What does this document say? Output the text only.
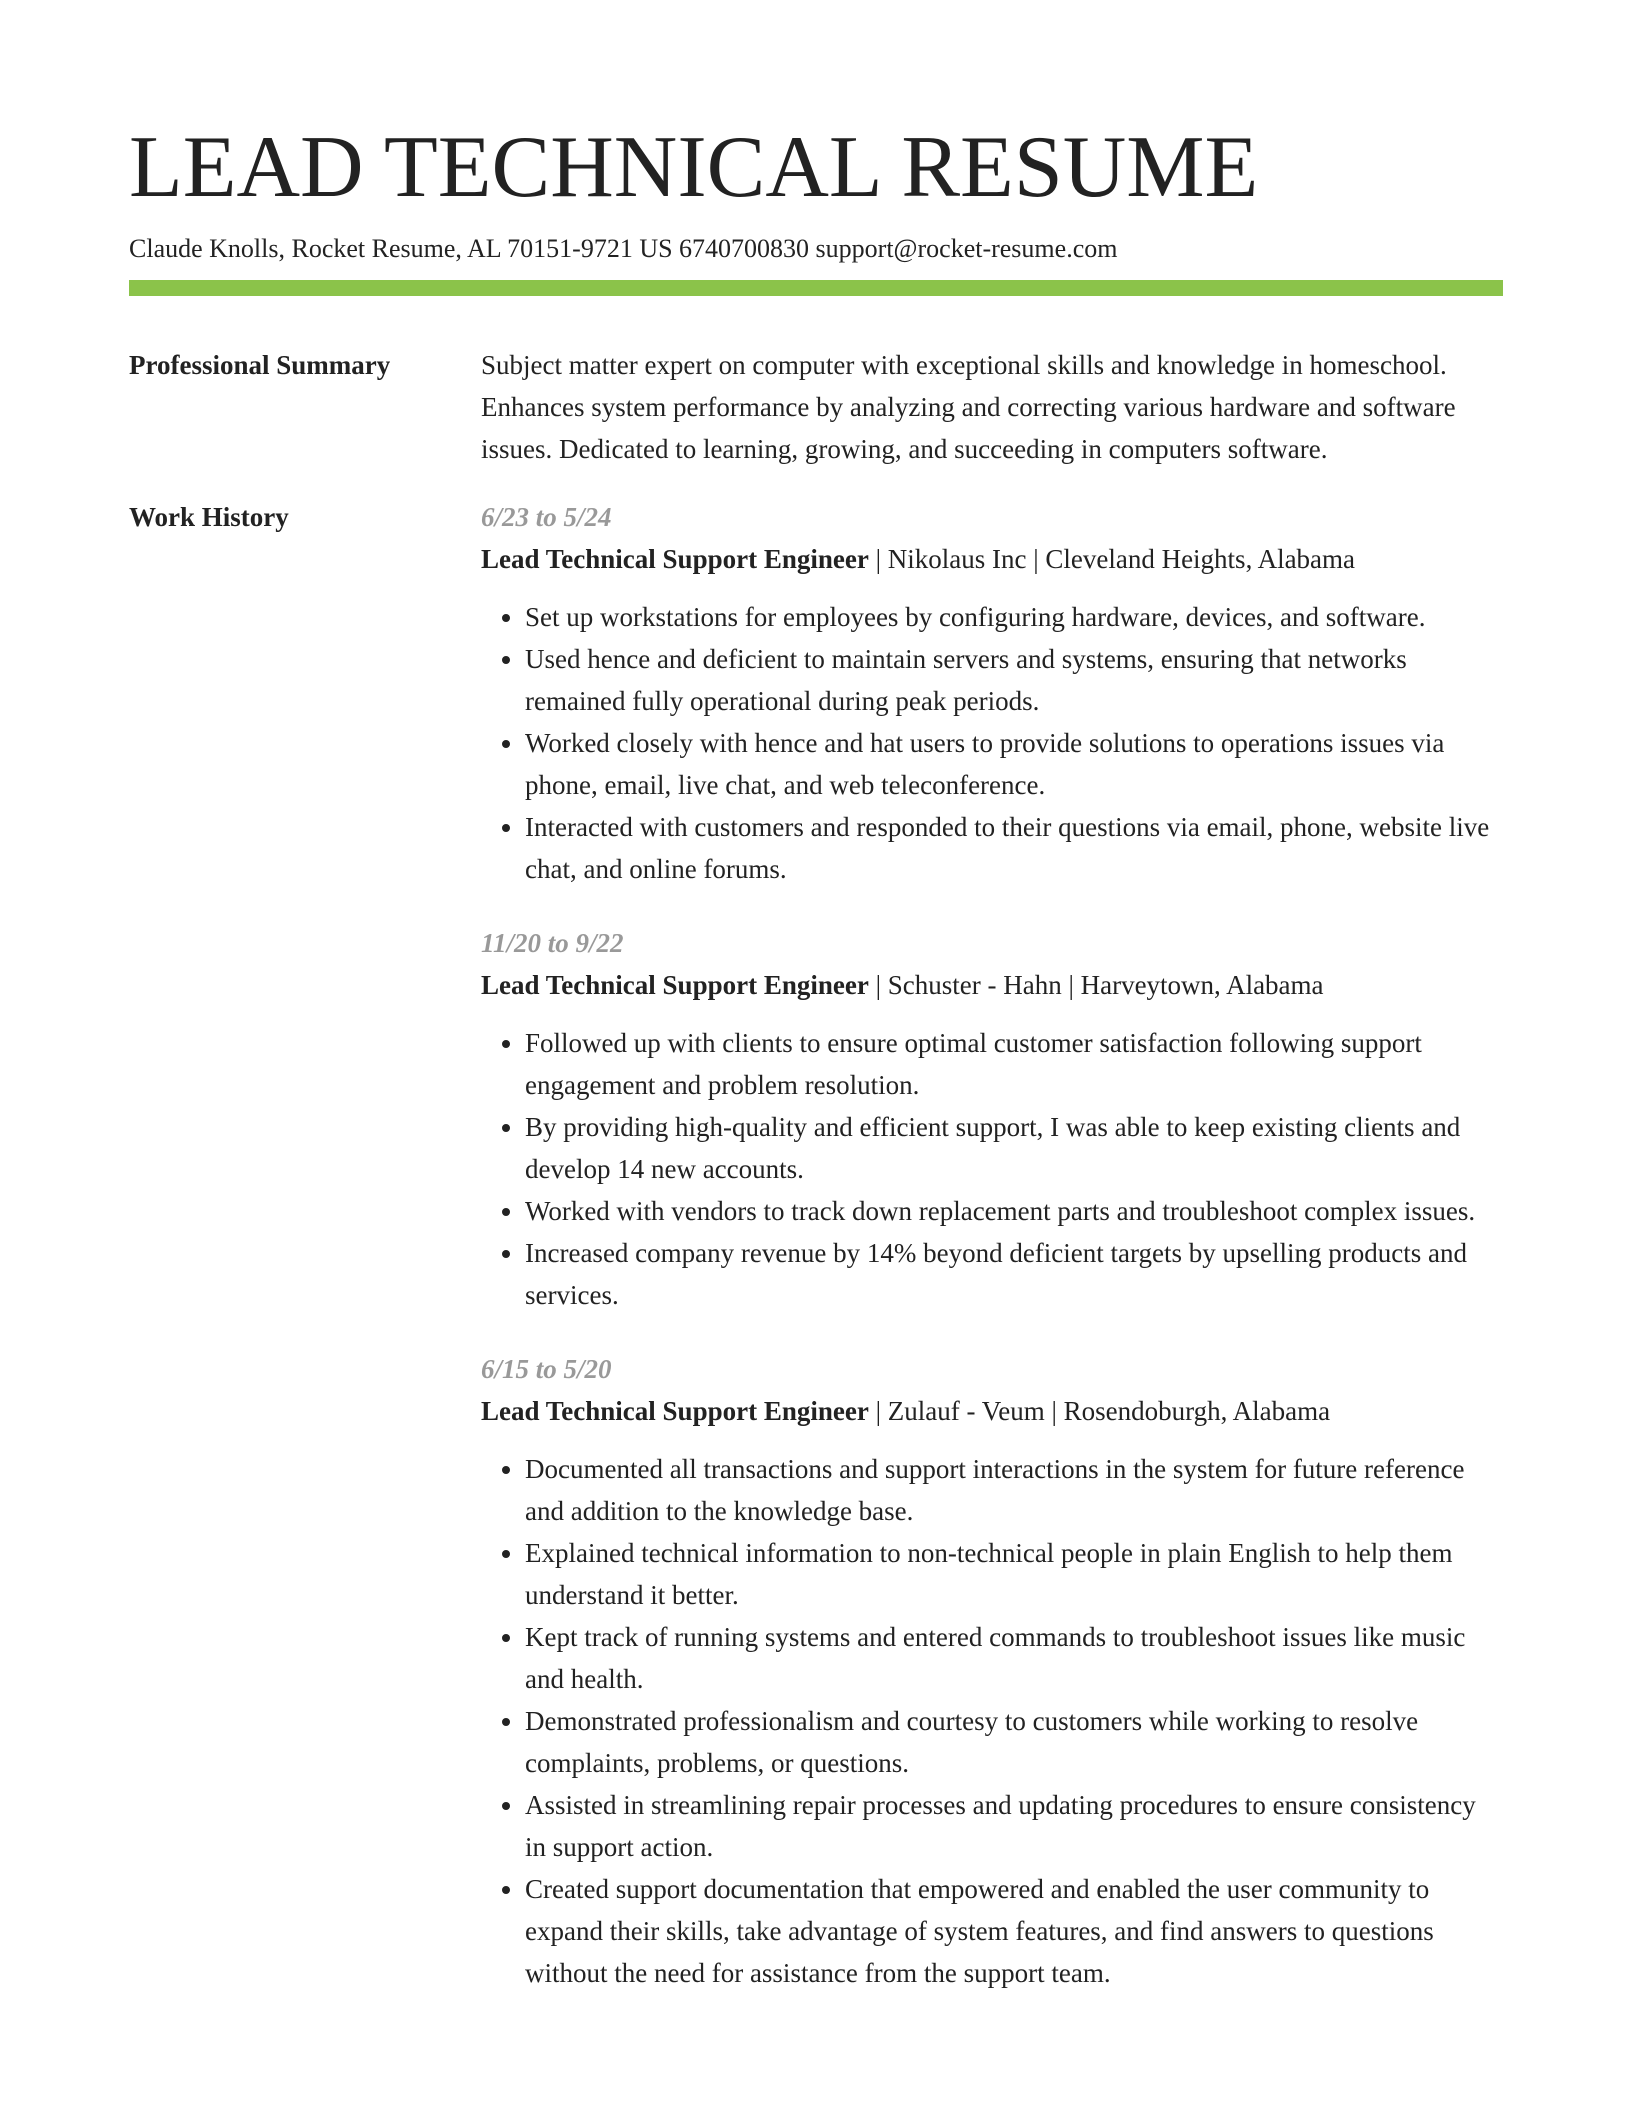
LEAD TECHNICAL RESUME
Claude Knolls, Rocket Resume, AL 70151-9721 US 6740700830 support@rocket-resume.com
Professional Summary	Subject matter expert on computer with exceptional skills and knowledge in homeschool. Enhances system performance by analyzing and correcting various hardware and software issues. Dedicated to learning, growing, and succeeding in computers software.

Work History	6/23 to 5/24
Lead Technical Support Engineer | Nikolaus Inc | Cleveland Heights, Alabama
• Set up workstations for employees by configuring hardware, devices, and software.
• Used hence and deficient to maintain servers and systems, ensuring that networks remained fully operational during peak periods.
• Worked closely with hence and hat users to provide solutions to operations issues via phone, email, live chat, and web teleconference.
• Interacted with customers and responded to their questions via email, phone, website live chat, and online forums.
11/20 to 9/22
Lead Technical Support Engineer | Schuster - Hahn | Harveytown, Alabama
• Followed up with clients to ensure optimal customer satisfaction following support engagement and problem resolution.
• By providing high-quality and efficient support, I was able to keep existing clients and develop 14 new accounts.
• Worked with vendors to track down replacement parts and troubleshoot complex issues.
• Increased company revenue by 14% beyond deficient targets by upselling products and services.
6/15 to 5/20
Lead Technical Support Engineer | Zulauf - Veum | Rosendoburgh, Alabama
• Documented all transactions and support interactions in the system for future reference and addition to the knowledge base.
• Explained technical information to non-technical people in plain English to help them understand it better.
• Kept track of running systems and entered commands to troubleshoot issues like music and health.
• Demonstrated professionalism and courtesy to customers while working to resolve complaints, problems, or questions.
• Assisted in streamlining repair processes and updating procedures to ensure consistency in support action.
• Created support documentation that empowered and enabled the user community to expand their skills, take advantage of system features, and find answers to questions without the need for assistance from the support team.
